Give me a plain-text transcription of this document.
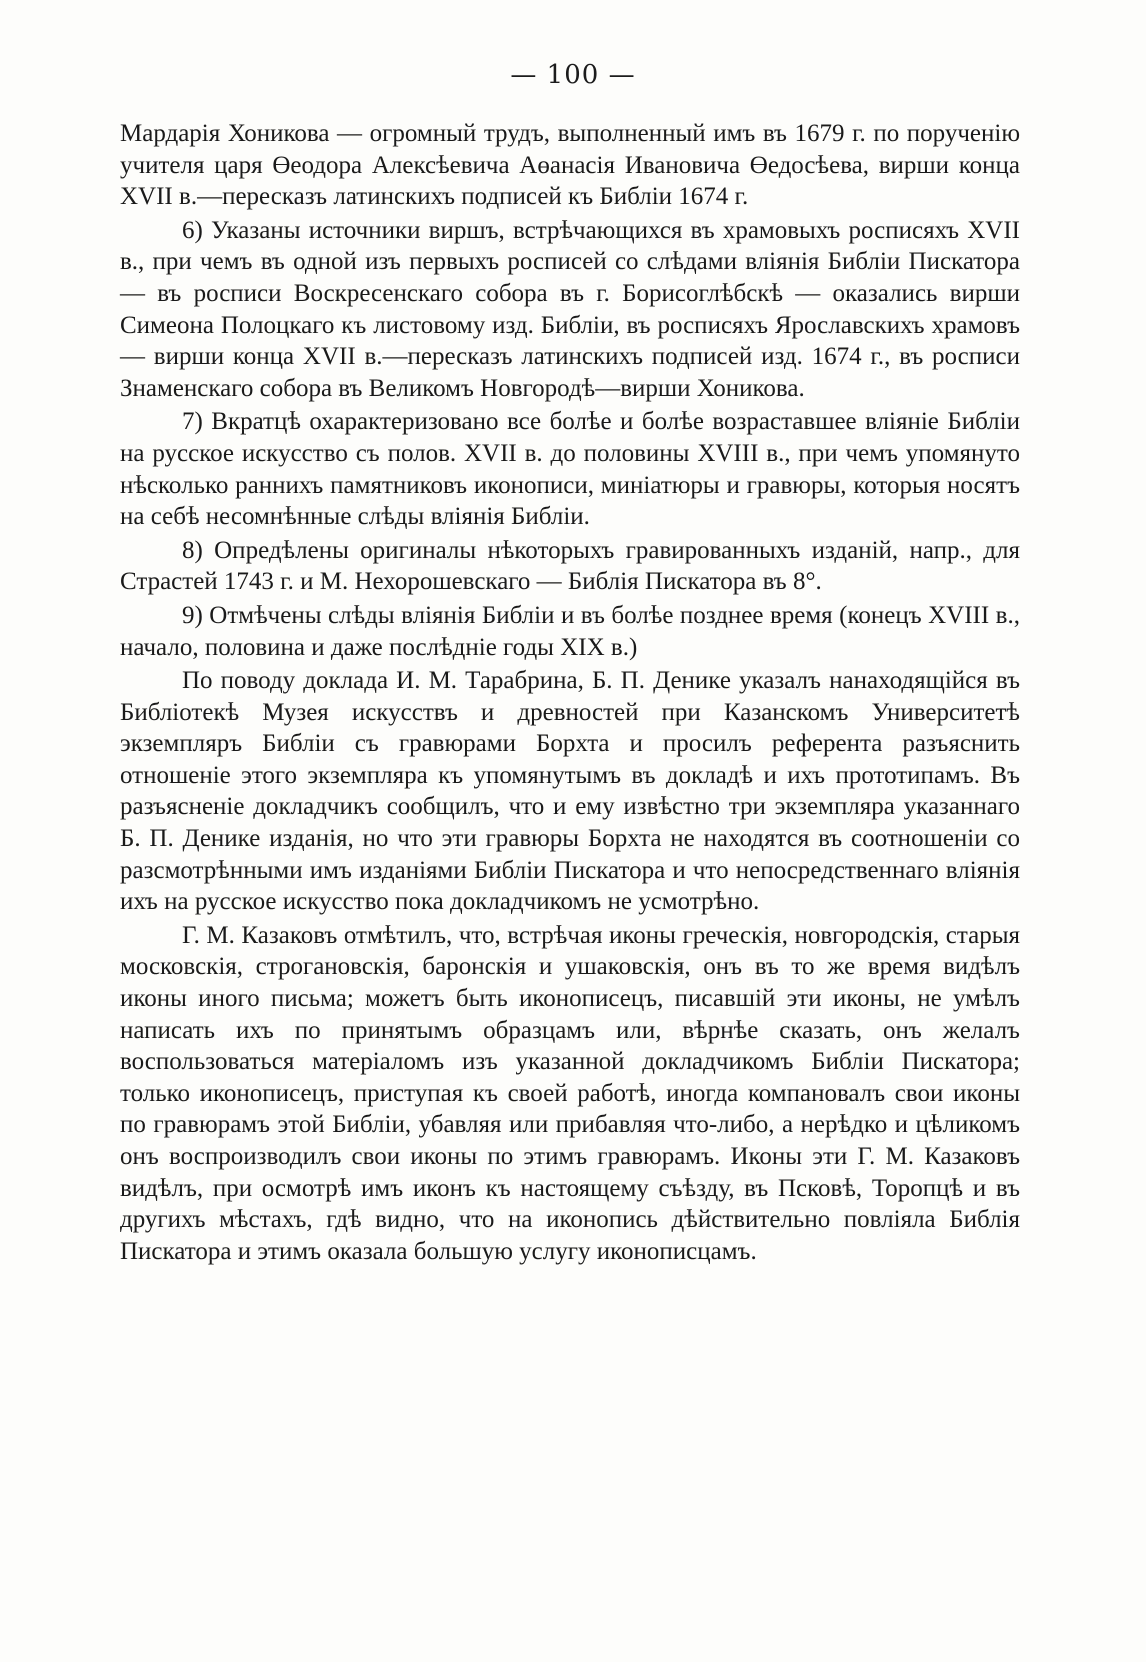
— 100 —

Мардарія Хоникова — огромный трудъ, выполненный имъ въ 1679 г. по порученію учителя царя Өеодора Алексѣевича Аөанасія Ивановича Өедосѣева, вирши конца XVII в.—пересказъ латинскихъ подписей къ Библіи 1674 г.

6) Указаны источники виршъ, встрѣчающихся въ храмовыхъ росписяхъ XVII в., при чемъ въ одной изъ первыхъ росписей со слѣдами вліянія Библіи Пискатора — въ росписи Воскресенскаго собора въ г. Борисоглѣбскѣ — оказались вирши Симеона Полоцкаго къ листовому изд. Библіи, въ росписяхъ Ярославскихъ храмовъ — вирши конца XVII в.—пересказъ латинскихъ подписей изд. 1674 г., въ росписи Знаменскаго собора въ Великомъ Новгородѣ—вирши Хоникова.

7) Вкратцѣ охарактеризовано все болѣе и болѣе возраставшее вліяніе Библіи на русское искусство съ полов. XVII в. до половины XVIII в., при чемъ упомянуто нѣсколько раннихъ памятниковъ иконописи, миніатюры и гравюры, которыя носятъ на себѣ несомнѣнные слѣды вліянія Библіи.

8) Опредѣлены оригиналы нѣкоторыхъ гравированныхъ изданій, напр., для Страстей 1743 г. и М. Нехорошевскаго — Библія Пискатора въ 8°.

9) Отмѣчены слѣды вліянія Библіи и въ болѣе позднее время (конецъ XVIII в., начало, половина и даже послѣдніе годы XIX в.)

По поводу доклада И. М. Тарабрина, Б. П. Денике указалъ нанаходящійся въ Библіотекѣ Музея искусствъ и древностей при Казанскомъ Университетѣ экземпляръ Библіи съ гравюрами Борхта и просилъ референта разъяснить отношеніе этого экземпляра къ упомянутымъ въ докладѣ и ихъ прототипамъ. Въ разъясненіе докладчикъ сообщилъ, что и ему извѣстно три экземпляра указаннаго Б. П. Денике изданія, но что эти гравюры Борхта не находятся въ соотношеніи со разсмотрѣнными имъ изданіями Библіи Пискатора и что непосредственнаго вліянія ихъ на русское искусство пока докладчикомъ не усмотрѣно.

Г. М. Казаковъ отмѣтилъ, что, встрѣчая иконы греческія, новгородскія, старыя московскія, строгановскія, баронскія и ушаковскія, онъ въ то же время видѣлъ иконы иного письма; можетъ быть иконописецъ, писавшій эти иконы, не умѣлъ написать ихъ по принятымъ образцамъ или, вѣрнѣе сказать, онъ желалъ воспользоваться матеріаломъ изъ указанной докладчикомъ Библіи Пискатора; только иконописецъ, приступая къ своей работѣ, иногда компановалъ свои иконы по гравюрамъ этой Библіи, убавляя или прибавляя что-либо, а нерѣдко и цѣликомъ онъ воспроизводилъ свои иконы по этимъ гравюрамъ. Иконы эти Г. М. Казаковъ видѣлъ, при осмотрѣ имъ иконъ къ настоящему съѣзду, въ Псковѣ, Торопцѣ и въ другихъ мѣстахъ, гдѣ видно, что на иконопись дѣйствительно повліяла Библія Пискатора и этимъ оказала большую услугу иконописцамъ.
